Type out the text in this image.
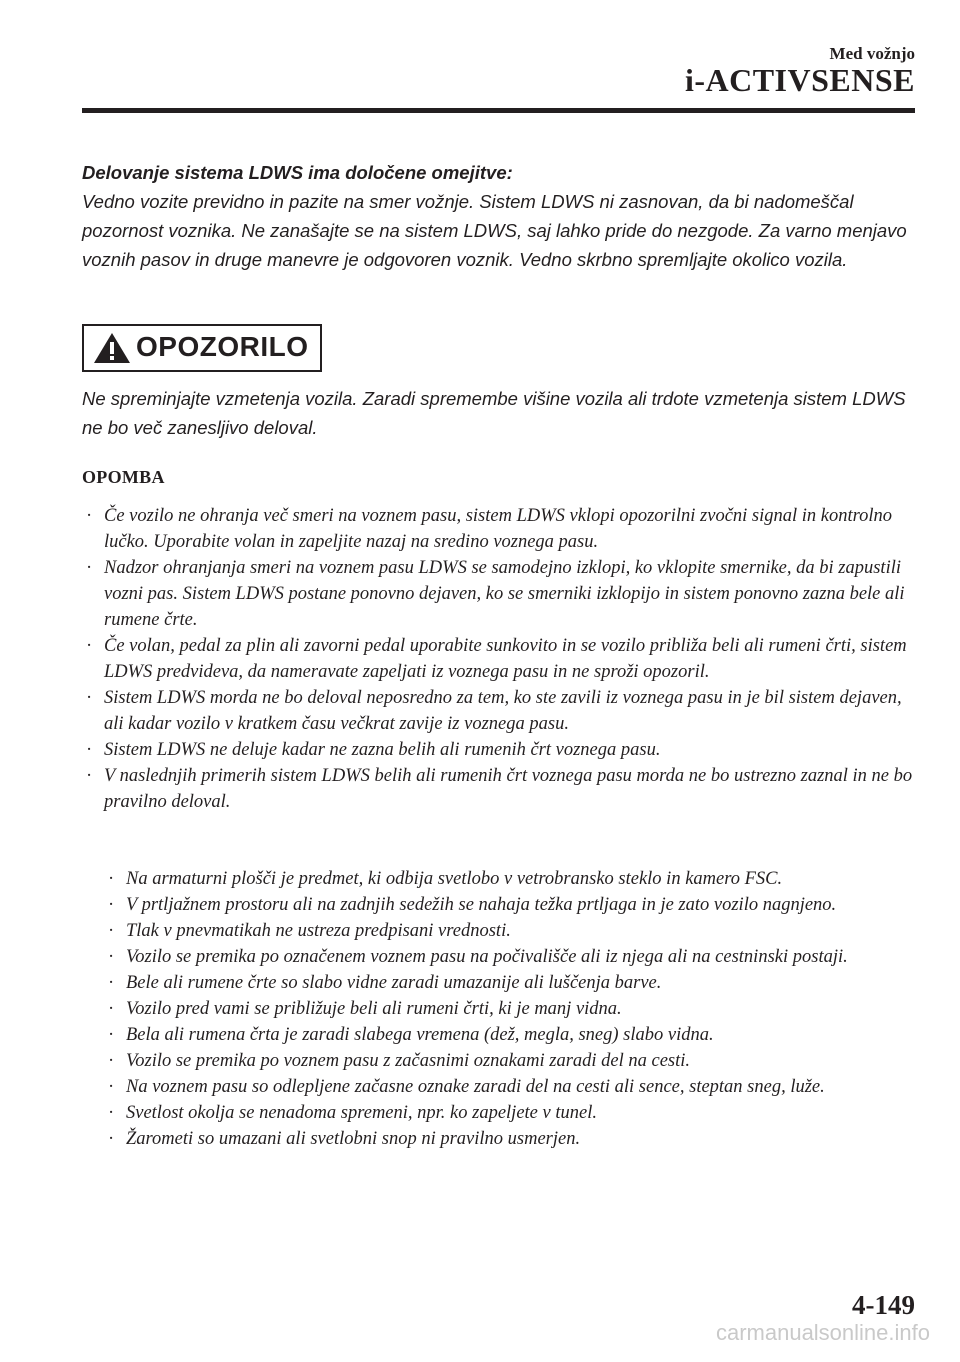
Med vožnjo
i-ACTIVSENSE
Delovanje sistema LDWS ima določene omejitve:
Vedno vozite previdno in pazite na smer vožnje. Sistem LDWS ni zasnovan, da bi nadomeščal pozornost voznika. Ne zanašajte se na sistem LDWS, saj lahko pride do nezgode. Za varno menjavo voznih pasov in druge manevre je odgovoren voznik. Vedno skrbno spremljajte okolico vozila.
OPOZORILO
Ne spreminjajte vzmetenja vozila. Zaradi spremembe višine vozila ali trdote vzmetenja sistem LDWS ne bo več zanesljivo deloval.
OPOMBA
· Če vozilo ne ohranja več smeri na voznem pasu, sistem LDWS vklopi opozorilni zvočni signal in kontrolno lučko. Uporabite volan in zapeljite nazaj na sredino voznega pasu.
· Nadzor ohranjanja smeri na voznem pasu LDWS se samodejno izklopi, ko vklopite smernike, da bi zapustili vozni pas. Sistem LDWS postane ponovno dejaven, ko se smerniki izklopijo in sistem ponovno zazna bele ali rumene črte.
· Če volan, pedal za plin ali zavorni pedal uporabite sunkovito in se vozilo približa beli ali rumeni črti, sistem LDWS predvideva, da nameravate zapeljati iz voznega pasu in ne sproži opozoril.
· Sistem LDWS morda ne bo deloval neposredno za tem, ko ste zavili iz voznega pasu in je bil sistem dejaven, ali kadar vozilo v kratkem času večkrat zavije iz voznega pasu.
· Sistem LDWS ne deluje kadar ne zazna belih ali rumenih črt voznega pasu.
· V naslednjih primerih sistem LDWS belih ali rumenih črt voznega pasu morda ne bo ustrezno zaznal in ne bo pravilno deloval.
· Na armaturni plošči je predmet, ki odbija svetlobo v vetrobransko steklo in kamero FSC.
· V prtljažnem prostoru ali na zadnjih sedežih se nahaja težka prtljaga in je zato vozilo nagnjeno.
· Tlak v pnevmatikah ne ustreza predpisani vrednosti.
· Vozilo se premika po označenem voznem pasu na počivališče ali iz njega ali na cestninski postaji.
· Bele ali rumene črte so slabo vidne zaradi umazanije ali luščenja barve.
· Vozilo pred vami se približuje beli ali rumeni črti, ki je manj vidna.
· Bela ali rumena črta je zaradi slabega vremena (dež, megla, sneg) slabo vidna.
· Vozilo se premika po voznem pasu z začasnimi oznakami zaradi del na cesti.
· Na voznem pasu so odlepljene začasne oznake zaradi del na cesti ali sence, steptan sneg, luže.
· Svetlost okolja se nenadoma spremeni, npr. ko zapeljete v tunel.
· Žarometi so umazani ali svetlobni snop ni pravilno usmerjen.
4-149
carmanualsonline.info
